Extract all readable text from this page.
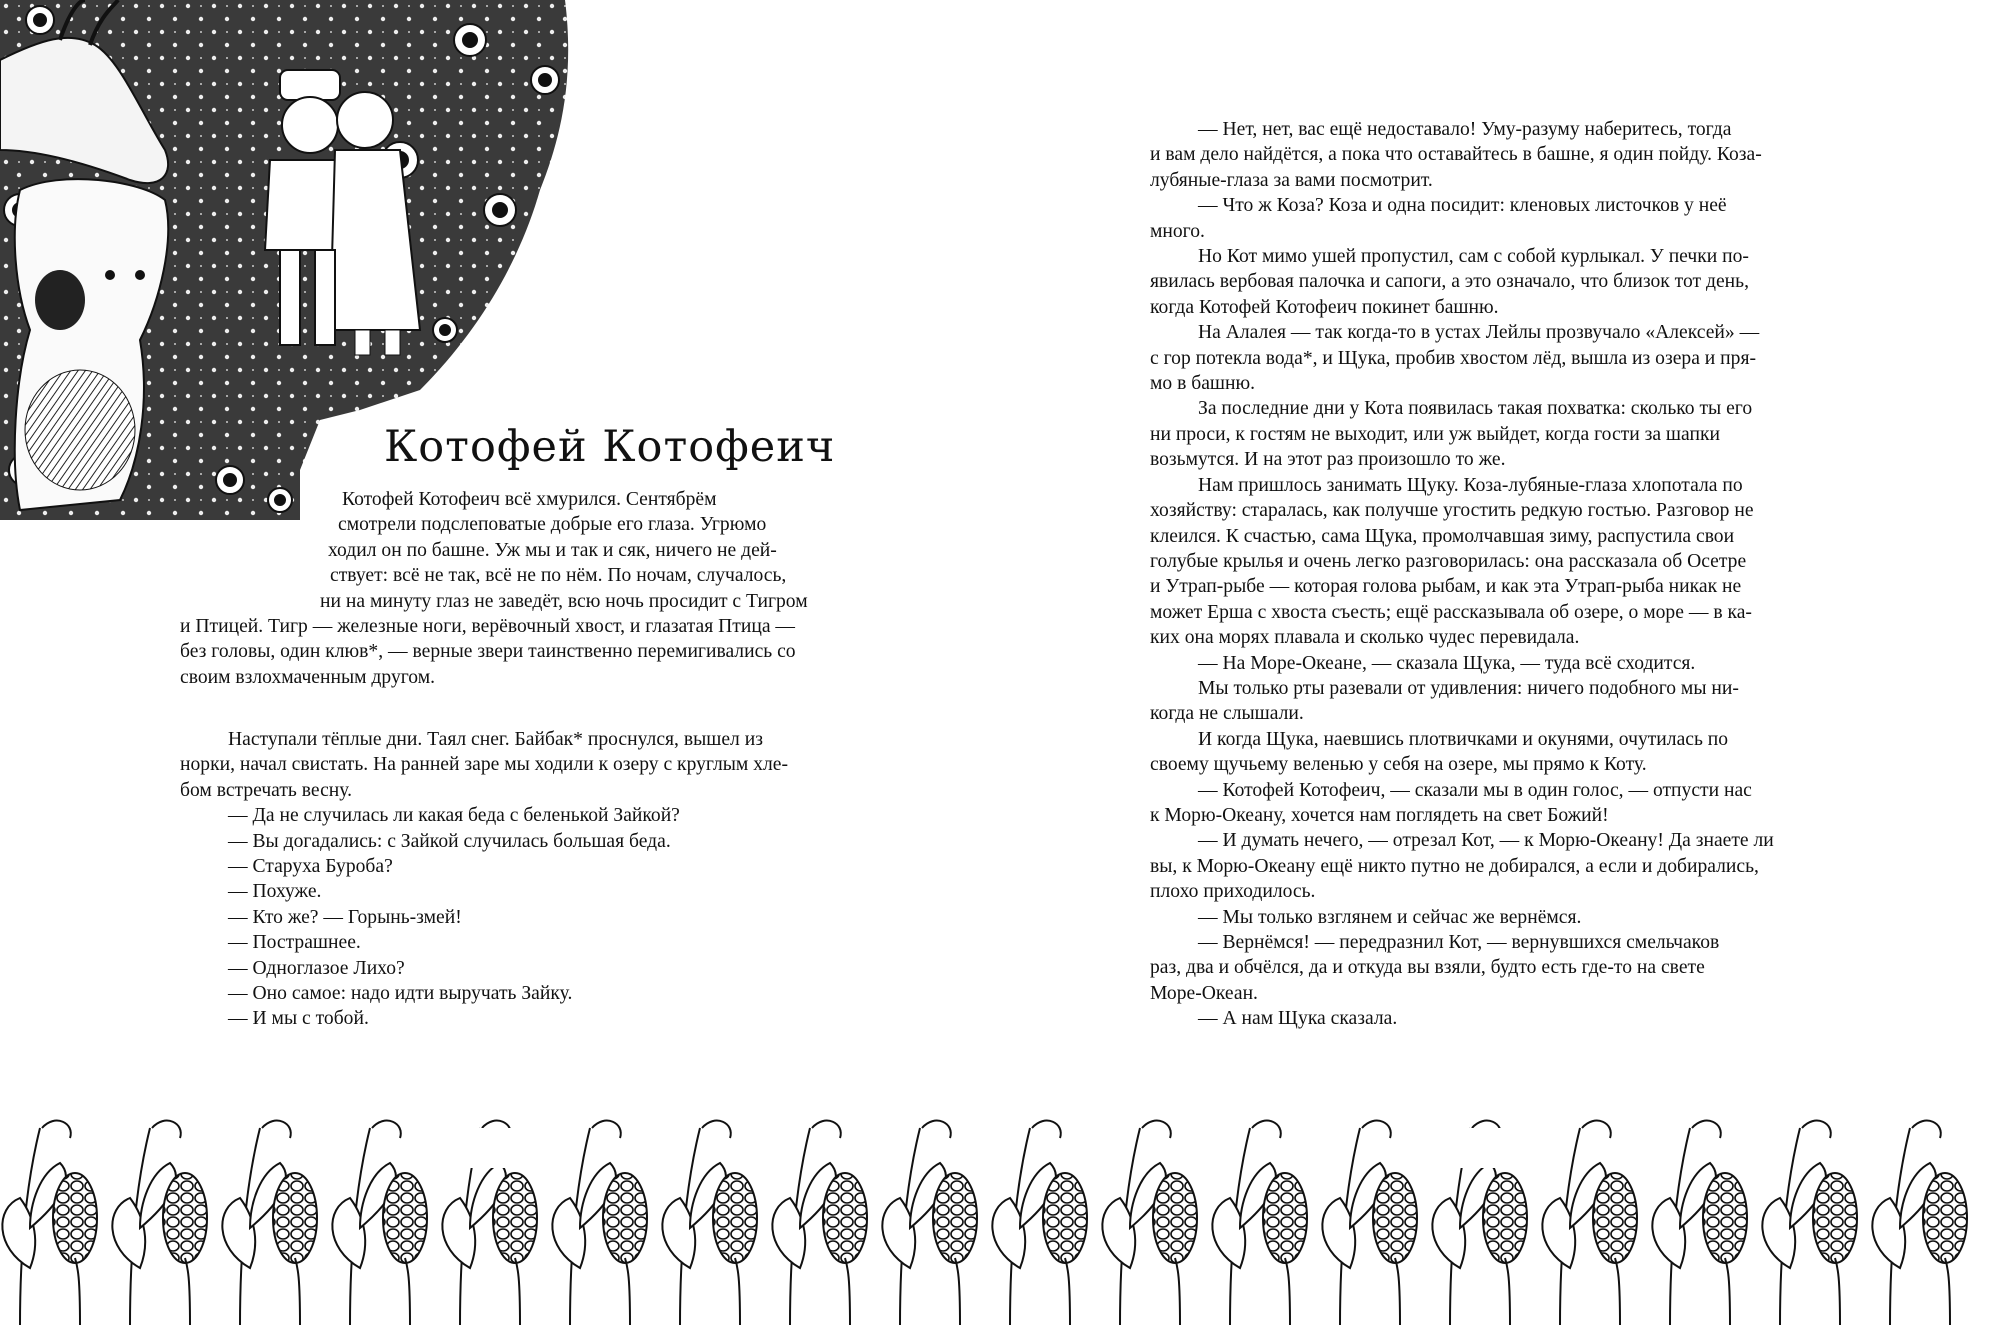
Котофей Котофеич
Котофей Котофеич всё хмурился. Сентябрём
смотрели подслеповатые добрые его глаза. Угрюмо
ходил он по башне. Уж мы и так и сяк, ничего не дей-
ствует: всё не так, всё не по нём. По ночам, случалось,
ни на минуту глаз не заведёт, всю ночь просидит с Тигром
и Птицей. Тигр — железные ноги, верёвочный хвост, и глазатая Птица —
без головы, один клюв*, — верные звери таинственно перемигивались со
своим взлохмаченным другом.
Наступали тёплые дни. Таял снег. Байбак* проснулся, вышел из
норки, начал свистать. На ранней заре мы ходили к озеру с круглым хле-
бом встречать весну.
— Да не случилась ли какая беда с беленькой Зайкой?
— Вы догадались: с Зайкой случилась большая беда.
— Старуха Буроба?
— Похуже.
— Кто же? — Горынь-змей!
— Пострашнее.
— Одноглазое Лихо?
— Оно самое: надо идти выручать Зайку.
— И мы с тобой.
— Нет, нет, вас ещё недоставало! Уму-разуму наберитесь, тогда
и вам дело найдётся, а пока что оставайтесь в башне, я один пойду. Коза-
лубяные-глаза за вами посмотрит.
— Что ж Коза? Коза и одна посидит: кленовых листочков у неё
много.
Но Кот мимо ушей пропустил, сам с собой курлыкал. У печки по-
явилась вербовая палочка и сапоги, а это означало, что близок тот день,
когда Котофей Котофеич покинет башню.
На Алалея — так когда-то в устах Лейлы прозвучало «Алексей» —
с гор потекла вода*, и Щука, пробив хвостом лёд, вышла из озера и пря-
мо в башню.
За последние дни у Кота появилась такая похватка: сколько ты его
ни проси, к гостям не выходит, или уж выйдет, когда гости за шапки
возьмутся. И на этот раз произошло то же.
Нам пришлось занимать Щуку. Коза-лубяные-глаза хлопотала по
хозяйству: старалась, как получше угостить редкую гостью. Разговор не
клеился. К счастью, сама Щука, промолчавшая зиму, распустила свои
голубые крылья и очень легко разговорилась: она рассказала об Осетре
и Утрап-рыбе — которая голова рыбам, и как эта Утрап-рыба никак не
может Ерша с хвоста съесть; ещё рассказывала об озере, о море — в ка-
ких она морях плавала и сколько чудес перевидала.
— На Море-Океане, — сказала Щука, — туда всё сходится.
Мы только рты разевали от удивления: ничего подобного мы ни-
когда не слышали.
И когда Щука, наевшись плотвичками и окунями, очутилась по
своему щучьему веленью у себя на озере, мы прямо к Коту.
— Котофей Котофеич, — сказали мы в один голос, — отпусти нас
к Морю-Океану, хочется нам поглядеть на свет Божий!
— И думать нечего, — отрезал Кот, — к Морю-Океану! Да знаете ли
вы, к Морю-Океану ещё никто путно не добирался, а если и добирались,
плохо приходилось.
— Мы только взглянем и сейчас же вернёмся.
— Вернёмся! — передразнил Кот, — вернувшихся смельчаков
раз, два и обчёлся, да и откуда вы взяли, будто есть где-то на свете
Море-Океан.
— А нам Щука сказала.
